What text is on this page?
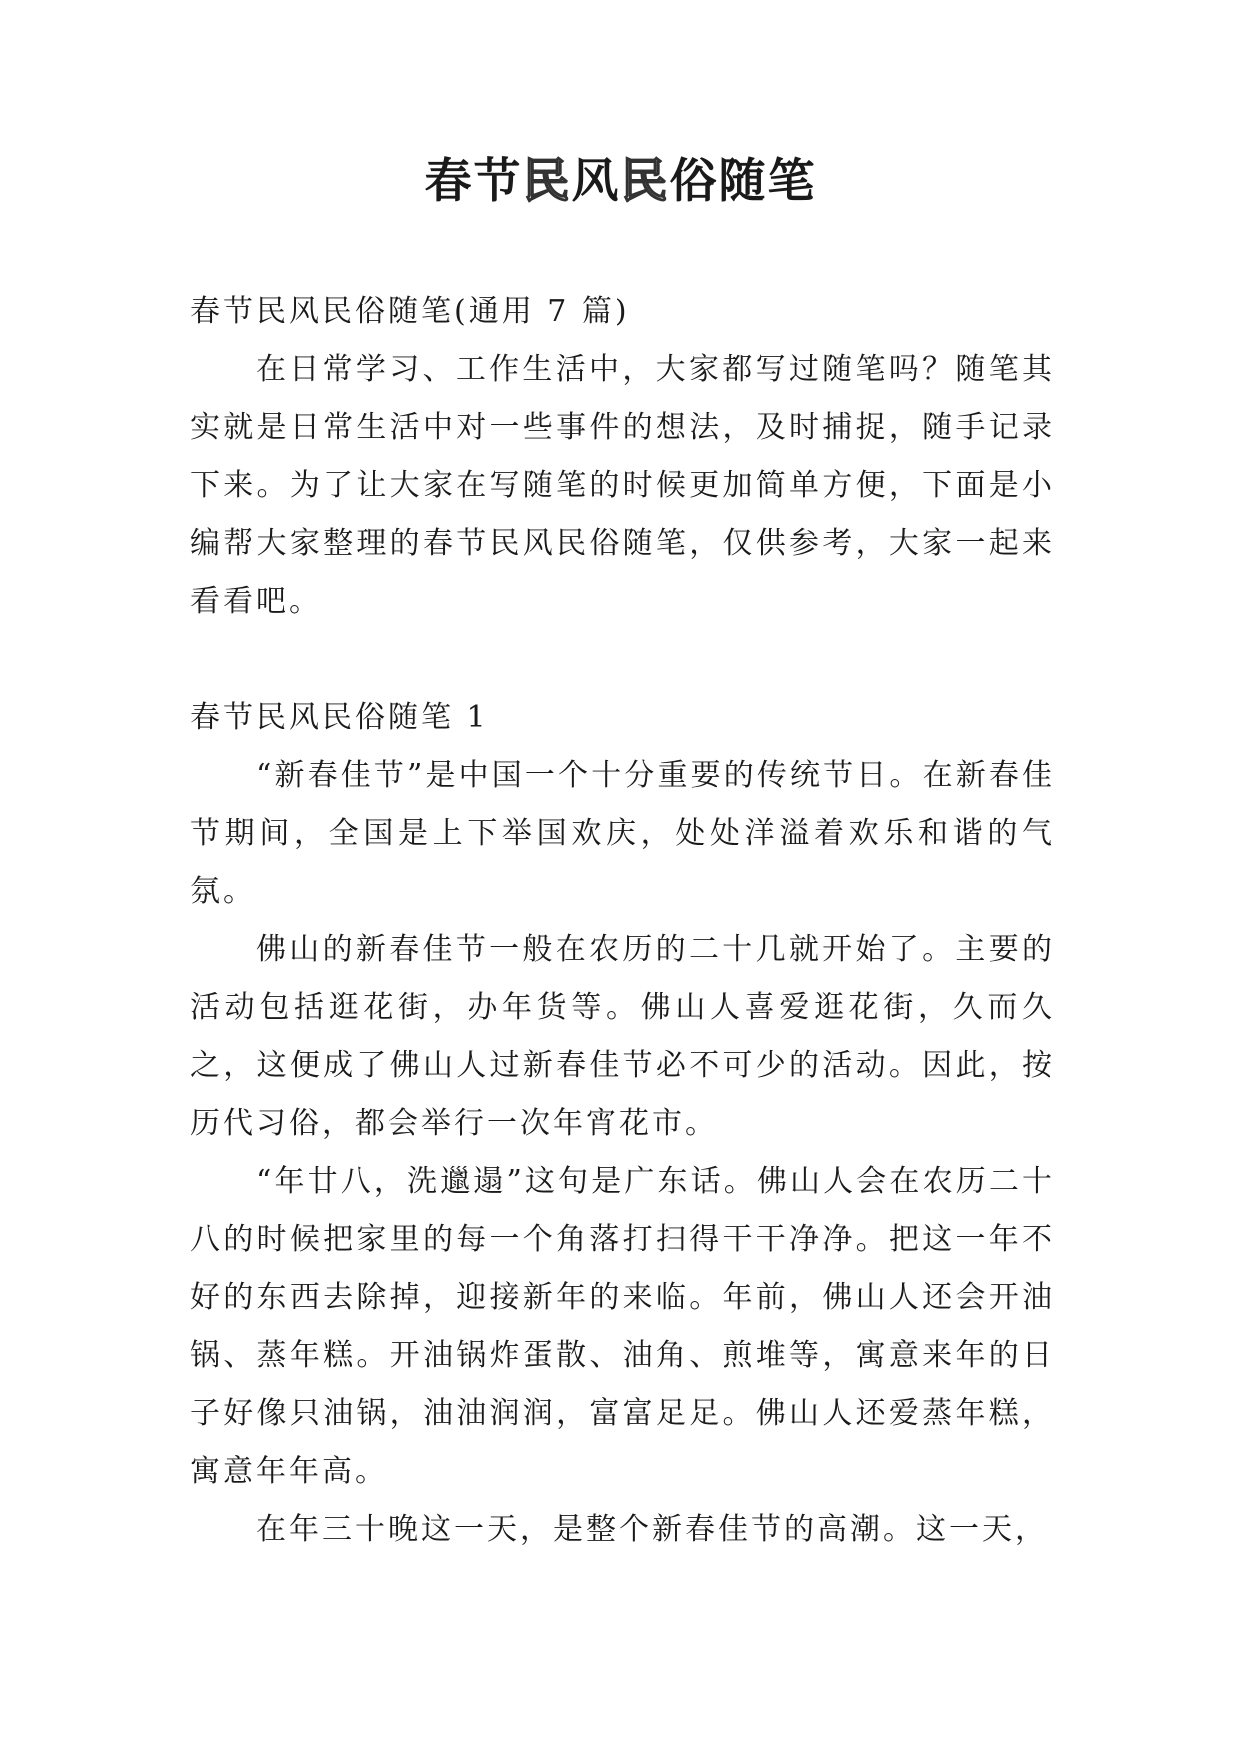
春节民风民俗随笔

春节民风民俗随笔(通用 7 篇)

在日常学习、工作生活中，大家都写过随笔吗？随笔其实就是日常生活中对一些事件的想法，及时捕捉，随手记录下来。为了让大家在写随笔的时候更加简单方便，下面是小编帮大家整理的春节民风民俗随笔，仅供参考，大家一起来看看吧。

春节民风民俗随笔 1

“新春佳节”是中国一个十分重要的传统节日。在新春佳节期间，全国是上下举国欢庆，处处洋溢着欢乐和谐的气氛。

佛山的新春佳节一般在农历的二十几就开始了。主要的活动包括逛花街，办年货等。佛山人喜爱逛花街，久而久之，这便成了佛山人过新春佳节必不可少的活动。因此，按历代习俗，都会举行一次年宵花市。

“年廿八，洗邋遢”这句是广东话。佛山人会在农历二十八的时候把家里的每一个角落打扫得干干净净。把这一年不好的东西去除掉，迎接新年的来临。年前，佛山人还会开油锅、蒸年糕。开油锅炸蛋散、油角、煎堆等，寓意来年的日子好像只油锅，油油润润，富富足足。佛山人还爱蒸年糕，寓意年年高。

在年三十晚这一天，是整个新春佳节的高潮。这一天，
